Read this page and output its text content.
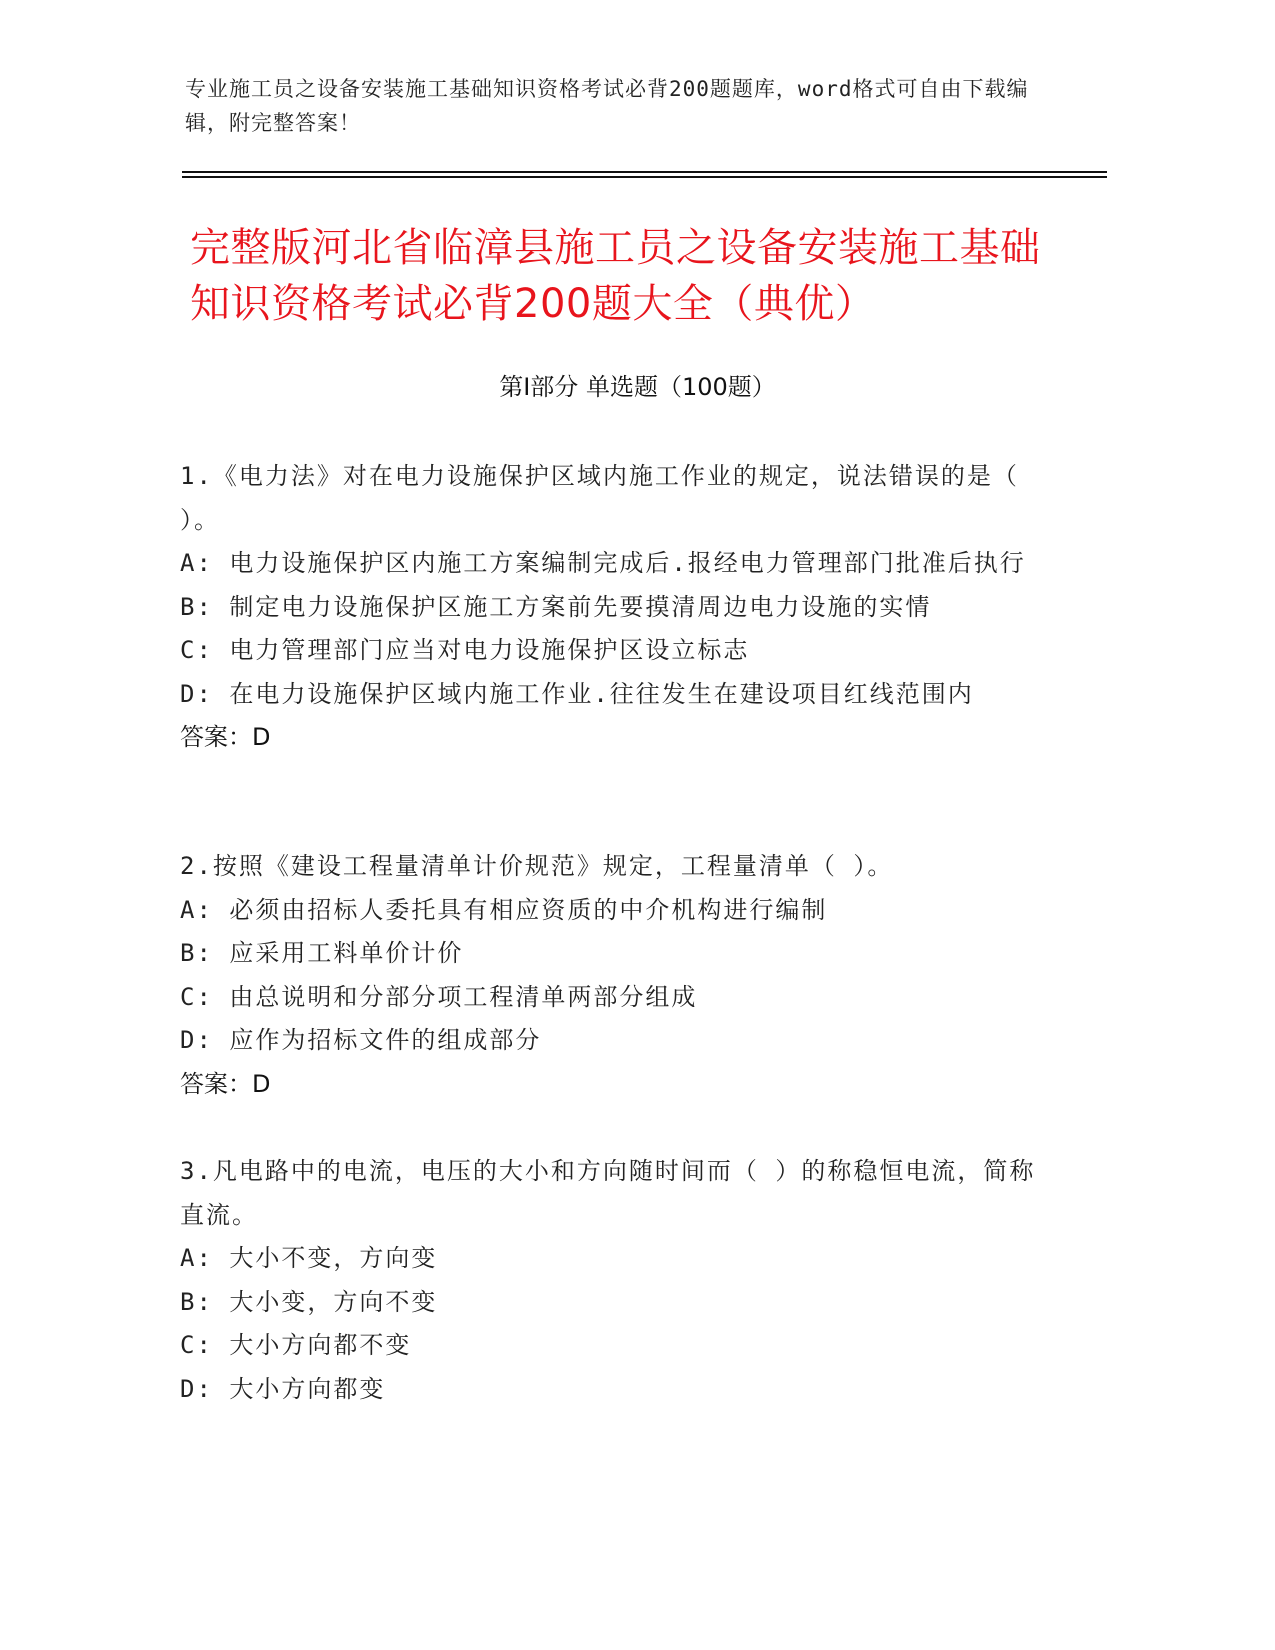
专业施工员之设备安装施工基础知识资格考试必背200题题库，word格式可自由下载编辑，附完整答案！
完整版河北省临漳县施工员之设备安装施工基础知识资格考试必背200题大全（典优）
第Ⅰ部分 单选题（100题）

1.《电力法》对在电力设施保护区域内施工作业的规定，说法错误的是（ ）。

A: 电力设施保护区内施工方案编制完成后.报经电力管理部门批准后执行

B: 制定电力设施保护区施工方案前先要摸清周边电力设施的实情

C: 电力管理部门应当对电力设施保护区设立标志

D: 在电力设施保护区域内施工作业.往往发生在建设项目红线范围内

答案：D

2.按照《建设工程量清单计价规范》规定，工程量清单（ ）。

A: 必须由招标人委托具有相应资质的中介机构进行编制

B: 应采用工料单价计价

C: 由总说明和分部分项工程清单两部分组成

D: 应作为招标文件的组成部分

答案：D

3.凡电路中的电流，电压的大小和方向随时间而（ ）的称稳恒电流，简称直流。

A: 大小不变，方向变

B: 大小变，方向不变

C: 大小方向都不变

D: 大小方向都变
